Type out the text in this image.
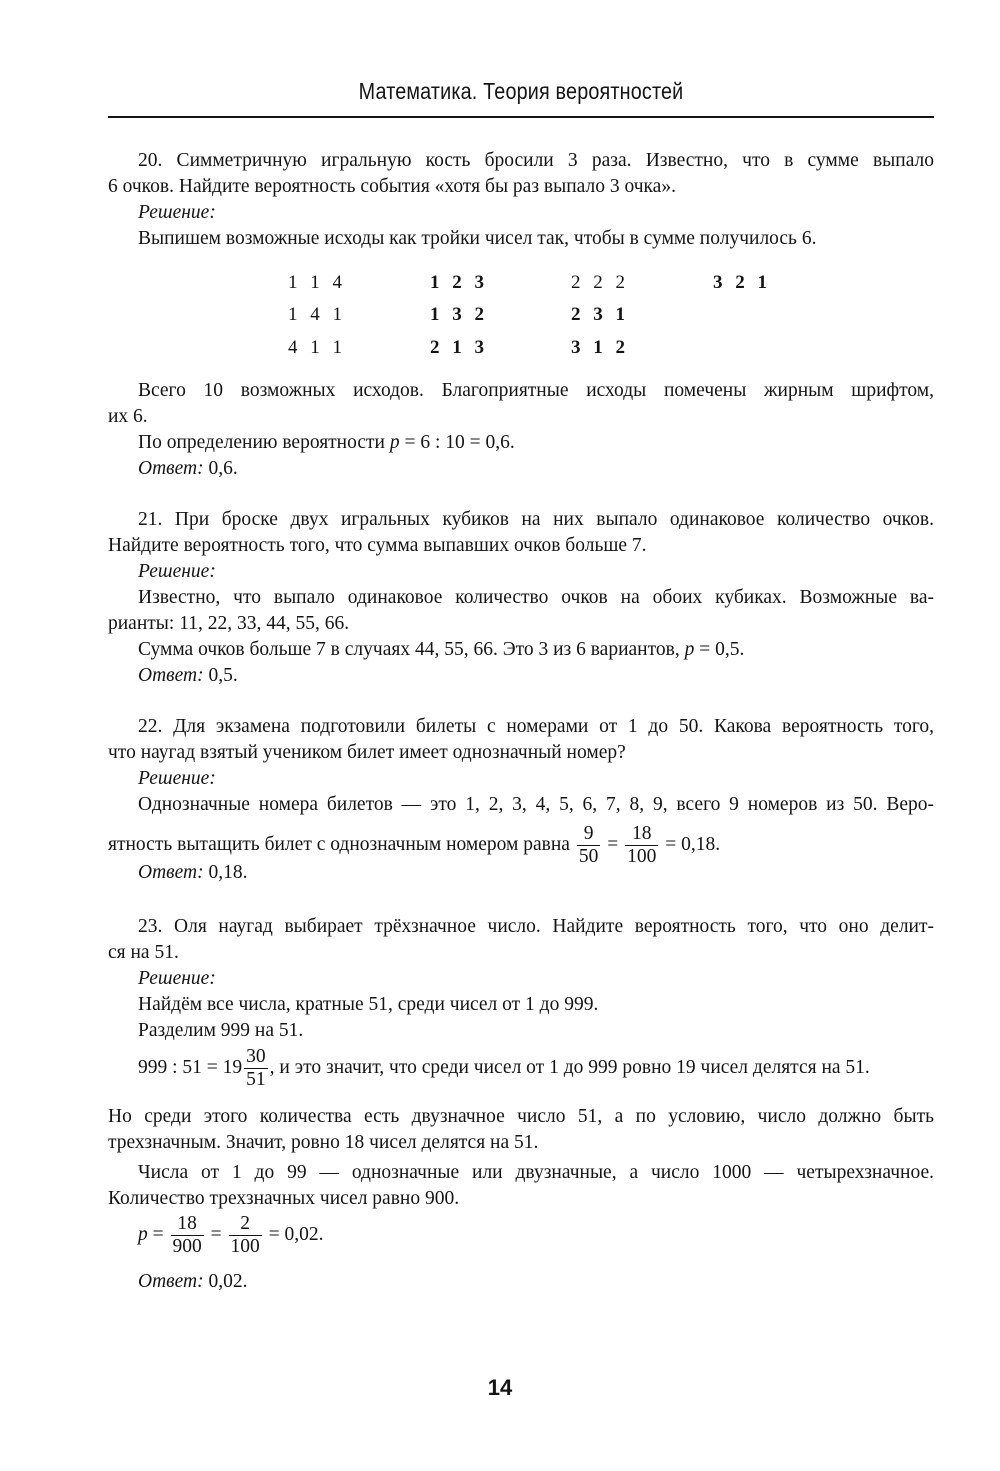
Математика. Теория вероятностей
20. Симметричную игральную кость бросили 3 раза. Известно, что в сумме выпало
6 очков. Найдите вероятность события «хотя бы раз выпало 3 очка».
Решение:
Выпишем возможные исходы как тройки чисел так, чтобы в сумме получилось 6.
1 1 4
1 4 1
4 1 1
1 2 3
1 3 2
2 1 3
2 2 2
2 3 1
3 1 2
3 2 1
Всего 10 возможных исходов. Благоприятные исходы помечены жирным шрифтом,
их 6.
По определению вероятности p = 6 : 10 = 0,6.
Ответ: 0,6.
21. При броске двух игральных кубиков на них выпало одинаковое количество очков.
Найдите вероятность того, что сумма выпавших очков больше 7.
Решение:
Известно, что выпало одинаковое количество очков на обоих кубиках. Возможные ва-
рианты: 11, 22, 33, 44, 55, 66.
Сумма очков больше 7 в случаях 44, 55, 66. Это 3 из 6 вариантов, p = 0,5.
Ответ: 0,5.
22. Для экзамена подготовили билеты с номерами от 1 до 50. Какова вероятность того,
что наугад взятый учеником билет имеет однозначный номер?
Решение:
Однозначные номера билетов — это 1, 2, 3, 4, 5, 6, 7, 8, 9, всего 9 номеров из 50. Веро-
ятность вытащить билет с однозначным номером равна $\frac{9}{50} = \frac{18}{100} = 0,18$.
Ответ: 0,18.
23. Оля наугад выбирает трёхзначное число. Найдите вероятность того, что оно делит-
ся на 51.
Решение:
Найдём все числа, кратные 51, среди чисел от 1 до 999.
Разделим 999 на 51.
999 : $51 = 19 \frac{30}{51}$ , и это значит, что среди чисел от 1 до 999 ровно 19 чисел делятся на 51.
Но среди этого количества есть двузначное число 51, а по условию, число должно быть
трехзначным. Значит, ровно 18 чисел делятся на 51.
Числа от 1 до 99 — однозначные или двузначные, а число 1000 — четырехзначное.
Количество трехзначных чисел равно 900.
$p = \frac{18}{900} = \frac{2}{100} = 0,02$.
Ответ: 0,02.
14
